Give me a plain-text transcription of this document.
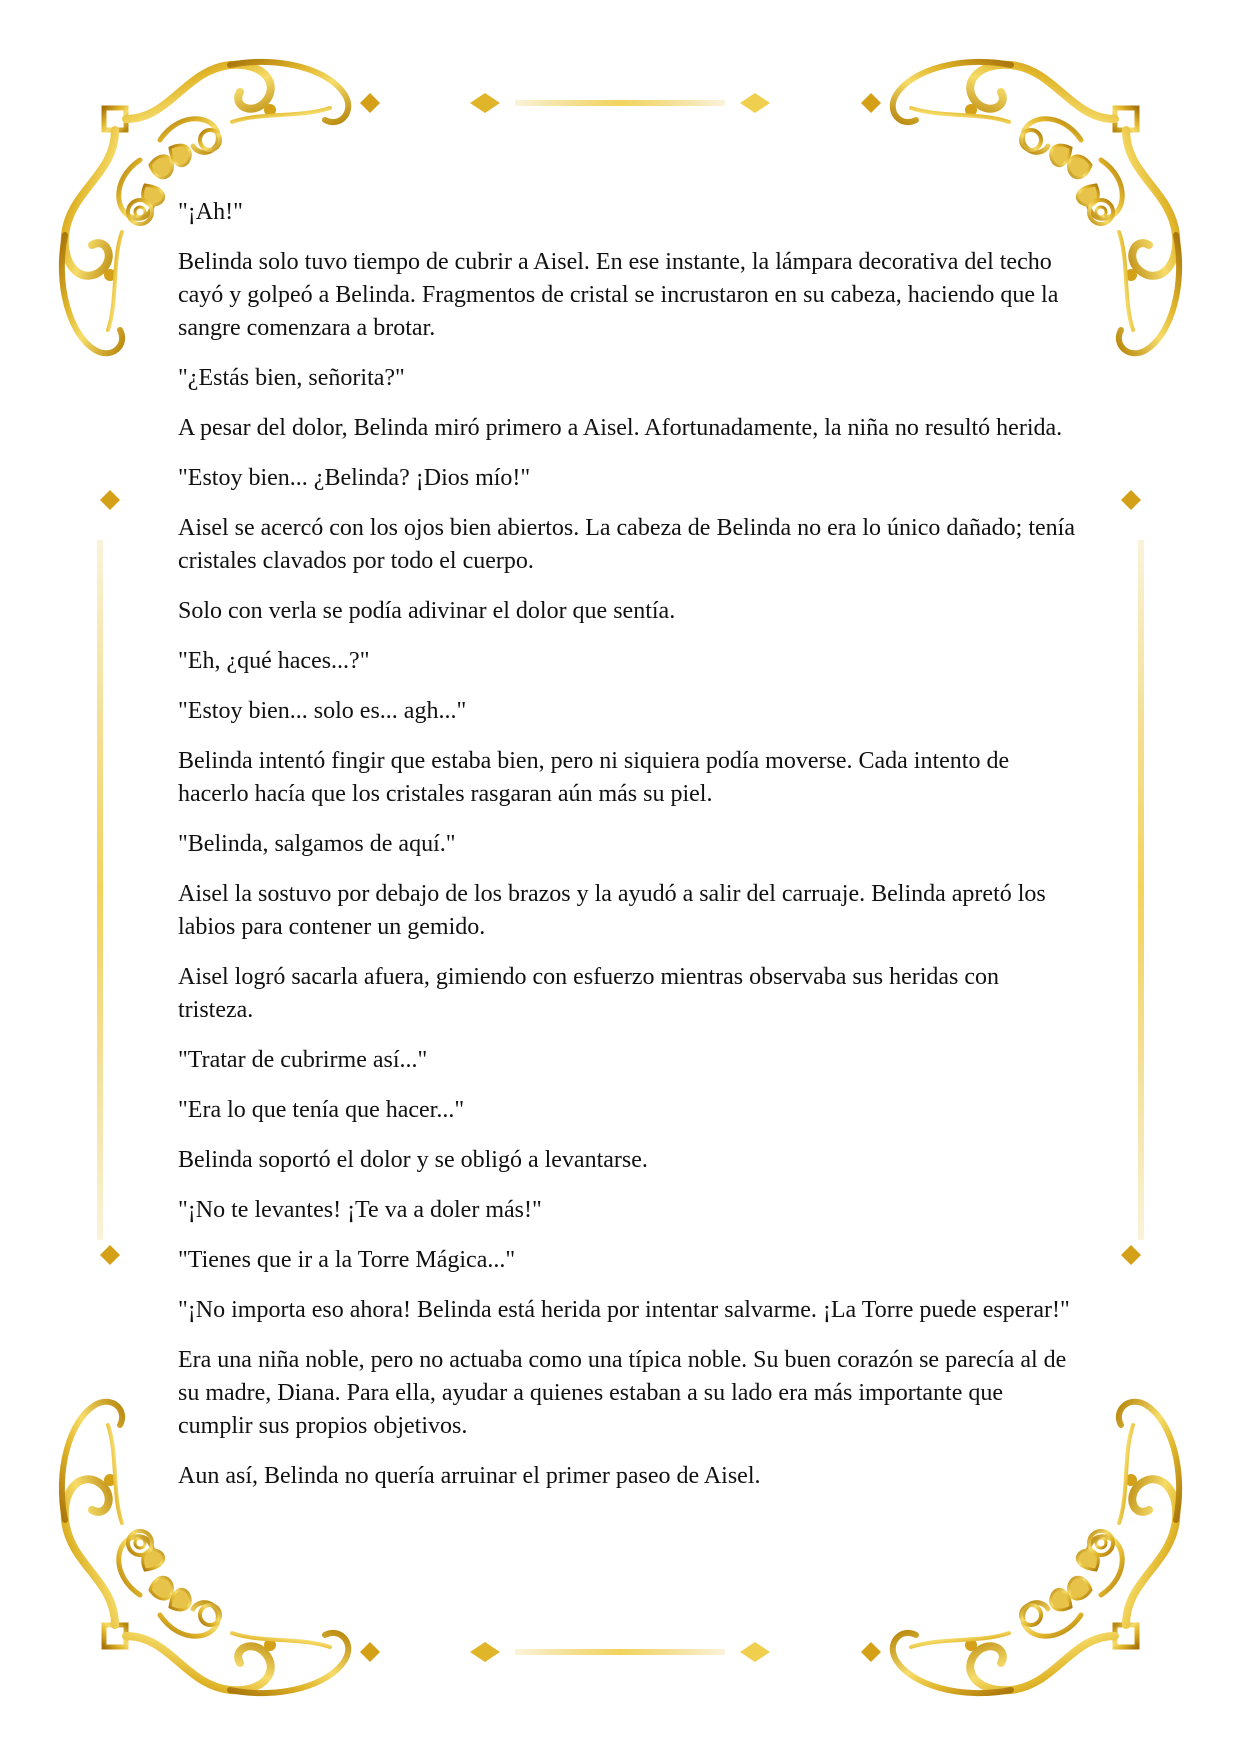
"¡Ah!"

Belinda solo tuvo tiempo de cubrir a Aisel. En ese instante, la lámpara decorativa del techo cayó y golpeó a Belinda. Fragmentos de cristal se incrustaron en su cabeza, haciendo que la sangre comenzara a brotar.

"¿Estás bien, señorita?"

A pesar del dolor, Belinda miró primero a Aisel. Afortunadamente, la niña no resultó herida.

"Estoy bien... ¿Belinda? ¡Dios mío!"

Aisel se acercó con los ojos bien abiertos. La cabeza de Belinda no era lo único dañado; tenía cristales clavados por todo el cuerpo.

Solo con verla se podía adivinar el dolor que sentía.

"Eh, ¿qué haces...?"

"Estoy bien... solo es... agh..."

Belinda intentó fingir que estaba bien, pero ni siquiera podía moverse. Cada intento de hacerlo hacía que los cristales rasgaran aún más su piel.

"Belinda, salgamos de aquí."

Aisel la sostuvo por debajo de los brazos y la ayudó a salir del carruaje. Belinda apretó los labios para contener un gemido.

Aisel logró sacarla afuera, gimiendo con esfuerzo mientras observaba sus heridas con tristeza.

"Tratar de cubrirme así..."

"Era lo que tenía que hacer..."

Belinda soportó el dolor y se obligó a levantarse.

"¡No te levantes! ¡Te va a doler más!"

"Tienes que ir a la Torre Mágica..."

"¡No importa eso ahora! Belinda está herida por intentar salvarme. ¡La Torre puede esperar!"

Era una niña noble, pero no actuaba como una típica noble. Su buen corazón se parecía al de su madre, Diana. Para ella, ayudar a quienes estaban a su lado era más importante que cumplir sus propios objetivos.

Aun así, Belinda no quería arruinar el primer paseo de Aisel.
